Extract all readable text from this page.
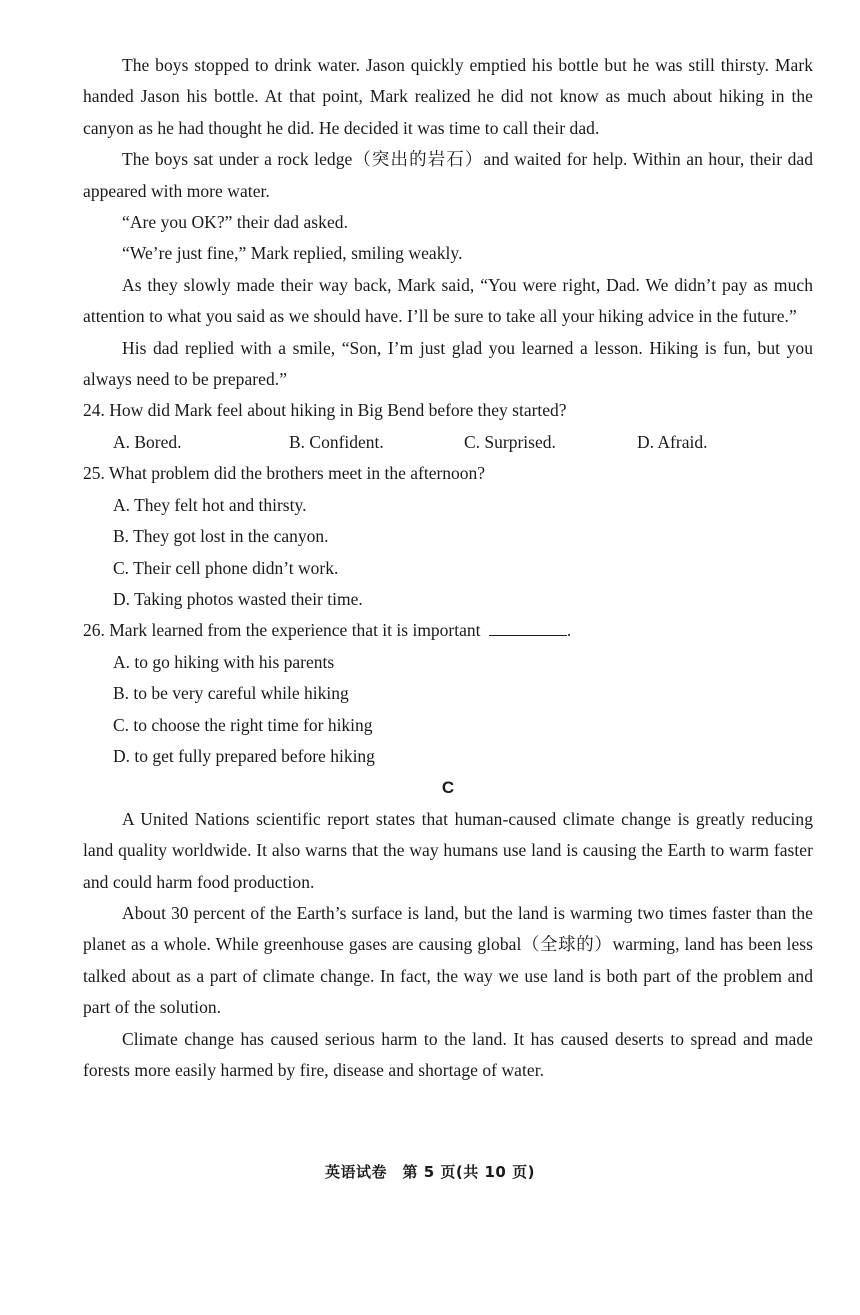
The boys stopped to drink water. Jason quickly emptied his bottle but he was still thirsty. Mark handed Jason his bottle. At that point, Mark realized he did not know as much about hiking in the canyon as he had thought he did. He decided it was time to call their dad.

The boys sat under a rock ledge（突出的岩石）and waited for help. Within an hour, their dad appeared with more water.

“Are you OK?” their dad asked.

“We’re just fine,” Mark replied, smiling weakly.

As they slowly made their way back, Mark said, “You were right, Dad. We didn’t pay as much attention to what you said as we should have. I’ll be sure to take all your hiking advice in the future.”

His dad replied with a smile, “Son, I’m just glad you learned a lesson. Hiking is fun, but you always need to be prepared.”

24. How did Mark feel about hiking in Big Bend before they started?

A. Bored.	B. Confident.	C. Surprised.	D. Afraid.

25. What problem did the brothers meet in the afternoon?

A. They felt hot and thirsty.

B. They got lost in the canyon.

C. Their cell phone didn’t work.

D. Taking photos wasted their time.

26. Mark learned from the experience that it is important	.

A. to go hiking with his parents

B. to be very careful while hiking

C. to choose the right time for hiking

D. to get fully prepared before hiking

C

A United Nations scientific report states that human-caused climate change is greatly reducing land quality worldwide. It also warns that the way humans use land is causing the Earth to warm faster and could harm food production.

About 30 percent of the Earth’s surface is land, but the land is warming two times faster than the planet as a whole. While greenhouse gases are causing global（全球的）warming, land has been less talked about as a part of climate change. In fact, the way we use land is both part of the problem and part of the solution.

Climate change has caused serious harm to the land. It has caused deserts to spread and made forests more easily harmed by fire, disease and shortage of water.

英语试卷　第 5 页(共 10 页)
